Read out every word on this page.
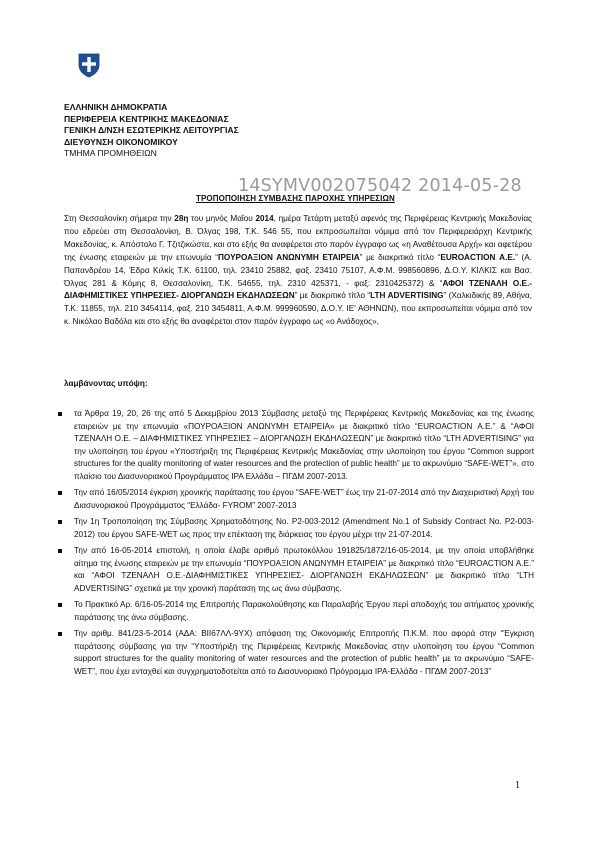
ΕΛΛΗΝΙΚΗ ΔΗΜΟΚΡΑΤΙΑ
ΠΕΡΙΦΕΡΕΙΑ ΚΕΝΤΡΙΚΗΣ ΜΑΚΕΔΟΝΙΑΣ
ΓΕΝΙΚΗ Δ/ΝΣΗ ΕΣΩΤΕΡΙΚΗΣ ΛΕΙΤΟΥΡΓΙΑΣ
ΔΙΕΥΘΥΝΣΗ ΟΙΚΟΝΟΜΙΚΟΥ
ΤΜΗΜΑ ΠΡΟΜΗΘΕΙΩΝ
14SYMV002075042 2014-05-28
ΤΡΟΠΟΠΟΙΗΣΗ ΣΥΜΒΑΣΗΣ ΠΑΡΟΧΗΣ ΥΠΗΡΕΣΙΩΝ
Στη Θεσσαλονίκη σήμερα την 28η του μηνός Μαΐου 2014, ημέρα Τετάρτη μεταξύ αφενός της Περιφέρειας Κεντρικής Μακεδονίας που εδρεύει στη Θεσσαλονίκη, Β. Όλγας 198, Τ.Κ. 546 55, που εκπροσωπείται νόμιμα από τον Περιφερειάρχη Κεντρικής Μακεδονίας, κ. Απόστολο Γ. Τζιτζικώστα, και στο εξής θα αναφέρεται στο παρόν έγγραφο ως «η Αναθέτουσα Αρχή» και αφετέρου της ένωσης εταιρειών με την επωνυμία “ΠΟΥΡΟΑΞΙΟΝ ΑΝΩΝΥΜΗ ΕΤΑΙΡΕΙΑ” με διακριτικό τίτλο “EUROACTION Α.Ε.” (Α. Παπανδρέου 14, Έδρα Κιλκίς Τ.Κ. 61100, τηλ. 23410 25882, φαξ. 23410 75107, Α.Φ.Μ. 998560896, Δ.Ο.Υ. ΚΙΛΚΙΣ και Βασ. Όλγας 281 & Κόμης 8, Θεσσαλονίκη, Τ.Κ. 54655, τηλ. 2310 425371, - φαξ: 2310425372) & “ΑΦΟΙ ΤΖΕΝΑΛΗ Ο.Ε.-ΔΙΑΦΗΜΙΣΤΙΚΕΣ ΥΠΗΡΕΣΙΕΣ- ΔΙΟΡΓΑΝΩΣΗ ΕΚΔΗΛΩΣΕΩΝ” με διακριτικό τίτλο “LTH ADVERTISING” (Χαλκιδικής 89, Αθήνα, Τ.Κ. 11855, τηλ. 210 3454114, φαξ. 210 3454811, Α.Φ.Μ. 999960590, Δ.Ο.Υ. ΙΕ' ΑΘΗΝΩΝ), που εκπροσωπείται νόμιμα από τον κ. Νικόλαο Βαδόλα και στο εξής θα αναφέρεται στον παρόν έγγραφο ως «ο Ανάδοχος»,
λαμβάνοντας υπόψη:
τα Άρθρα 19, 20, 26 της από 5 Δεκεμβρίου 2013 Σύμβασης μεταξύ της Περιφέρειας Κεντρικής Μακεδονίας και της ένωσης εταιρειών με την επωνυμία «ΠΟΥΡΟΑΞΙΟΝ ΑΝΩΝΥΜΗ ΕΤΑΙΡΕΙΑ» με διακριτικό τίτλο “EUROACTION Α.Ε.” & “ΑΦΟΙ ΤΖΕΝΑΛΗ Ο.Ε. – ΔΙΑΦΗΜΙΣΤΙΚΕΣ ΥΠΗΡΕΣΙΕΣ – ΔΙΟΡΓΑΝΩΣΗ ΕΚΔΗΛΩΣΕΩΝ” με διακριτικό τίτλο “LTH ADVERTISING” για την υλοποίηση του έργου «Υποστήριξη της Περιφέρειας Κεντρικής Μακεδονίας στην υλοποίηση του έργου “Common support structures for the quality monitoring of water resources and the protection of public health” με το ακρωνύμιο “SAFE-WET”», στο πλαίσιο του Διασυνοριακού Προγράμματος IPA Ελλάδα – ΠΓΔΜ 2007-2013.
Την από 16/05/2014 έγκριση χρονικής παράτασης του έργου “SAFE-WET” έως την 21-07-2014 από την Διαχειριστική Αρχή του Διασυνοριακού Προγράμματος “Ελλάδα- FYROM” 2007-2013
Την 1η Τροποποίηση της Σύμβασης Χρηματοδότησης No. P2-003-2012 (Amendment No.1 of Subsidy Contract No. P2-003-2012) του έργου SAFE-WET ως προς την επέκταση της διάρκειας του έργου μέχρι την 21-07-2014.
Την από 16-05-2014 επιστολή, η οποία έλαβε αριθμό πρωτοκόλλου 191825/1872/16-05-2014, με την οποία υποβλήθηκε αίτημα της ένωσης εταιρειών με την επωνυμία “ΠΟΥΡΟΑΞΙΟΝ ΑΝΩΝΥΜΗ ΕΤΑΙΡΕΙΑ” με διακριτικό τίτλο “EUROACTION Α.Ε.” και “ΑΦΟΙ ΤΖΕΝΑΛΗ Ο.Ε.-ΔΙΑΦΗΜΙΣΤΙΚΕΣ ΥΠΗΡΕΣΙΕΣ- ΔΙΟΡΓΑΝΩΣΗ ΕΚΔΗΛΩΣΕΩΝ” με διακριτικό τίτλο “LTH ADVERTISING” σχετικά με την χρονική παράταση της ως άνω σύμβασης.
Το Πρακτικό Αρ. 6/16-05-2014 της Επιτροπής Παρακολούθησης και Παραλαβής Έργου περί αποδοχής του αιτήματος χρονικής παράτασης της άνω σύμβασης.
Την αριθμ. 841/23-5-2014 (ΑΔΑ: ΒΙΙ67ΛΛ-9ΥΧ) απόφαση της Οικονομικής Επιτροπής Π.Κ.Μ. που αφορά στην “Έγκριση παράτασης σύμβασης για την “Υποστήριξη της Περιφέρειας Κεντρικής Μακεδονίας στην υλοποίηση του έργου “Common support structures for the quality monitoring of water resources and the protection of public health” με το ακρωνύμιο “SAFE-WET”, που έχει ενταχθεί και συγχρηματοδοτείται από το Διασυνοριακό Πρόγραμμα IPA-Ελλάδα - ΠΓΔΜ 2007-2013”
1
